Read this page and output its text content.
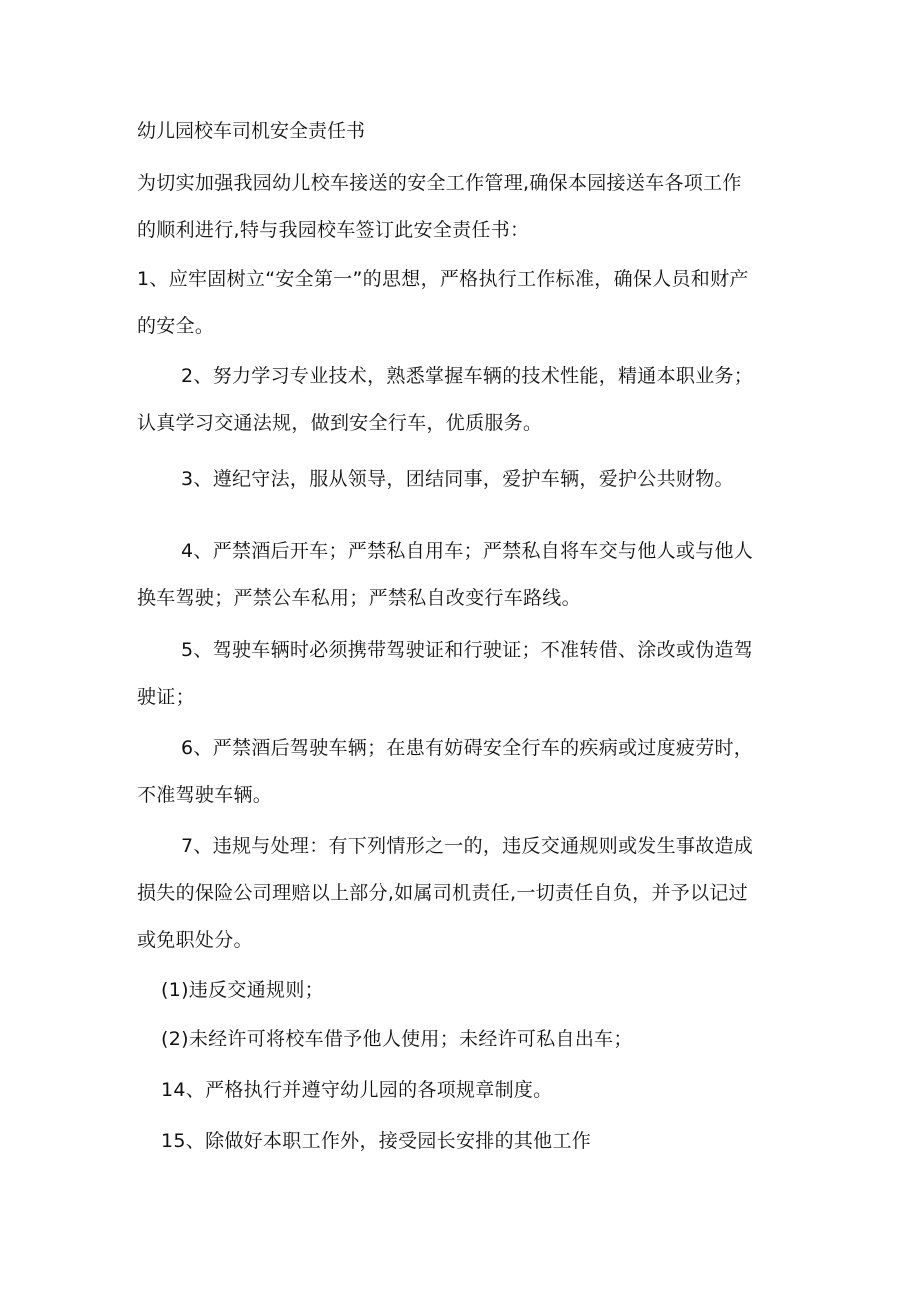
幼儿园校车司机安全责任书
为切实加强我园幼儿校车接送的安全工作管理,确保本园接送车各项工作
的顺利进行,特与我园校车签订此安全责任书：
1、应牢固树立“安全第一”的思想，严格执行工作标准，确保人员和财产
的安全。
2、努力学习专业技术，熟悉掌握车辆的技术性能，精通本职业务；
认真学习交通法规，做到安全行车，优质服务。
3、遵纪守法，服从领导，团结同事，爱护车辆，爱护公共财物。
4、严禁酒后开车；严禁私自用车；严禁私自将车交与他人或与他人
换车驾驶；严禁公车私用；严禁私自改变行车路线。
5、驾驶车辆时必须携带驾驶证和行驶证；不准转借、涂改或伪造驾
驶证；
6、严禁酒后驾驶车辆；在患有妨碍安全行车的疾病或过度疲劳时，
不准驾驶车辆。
7、违规与处理：有下列情形之一的，违反交通规则或发生事故造成
损失的保险公司理赔以上部分,如属司机责任,一切责任自负，并予以记过
或免职处分。
(1)违反交通规则；
(2)未经许可将校车借予他人使用；未经许可私自出车；
14、严格执行并遵守幼儿园的各项规章制度。
15、除做好本职工作外，接受园长安排的其他工作
